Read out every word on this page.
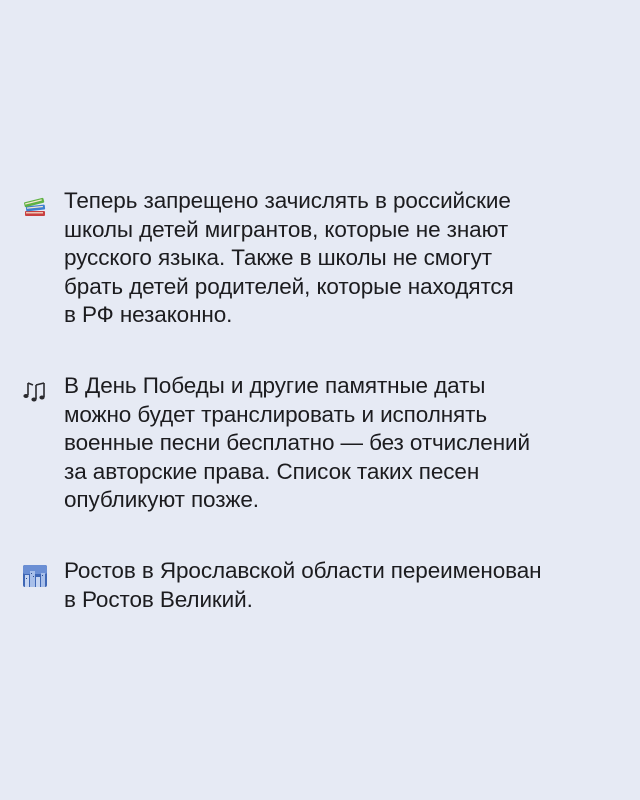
Теперь запрещено зачислять в российские
школы детей мигрантов, которые не знают
русского языка. Также в школы не смогут
брать детей родителей, которые находятся
в РФ незаконно.
В День Победы и другие памятные даты
можно будет транслировать и исполнять
военные песни бесплатно — без отчислений
за авторские права. Список таких песен
опубликуют позже.
Ростов в Ярославской области переименован
в Ростов Великий.
